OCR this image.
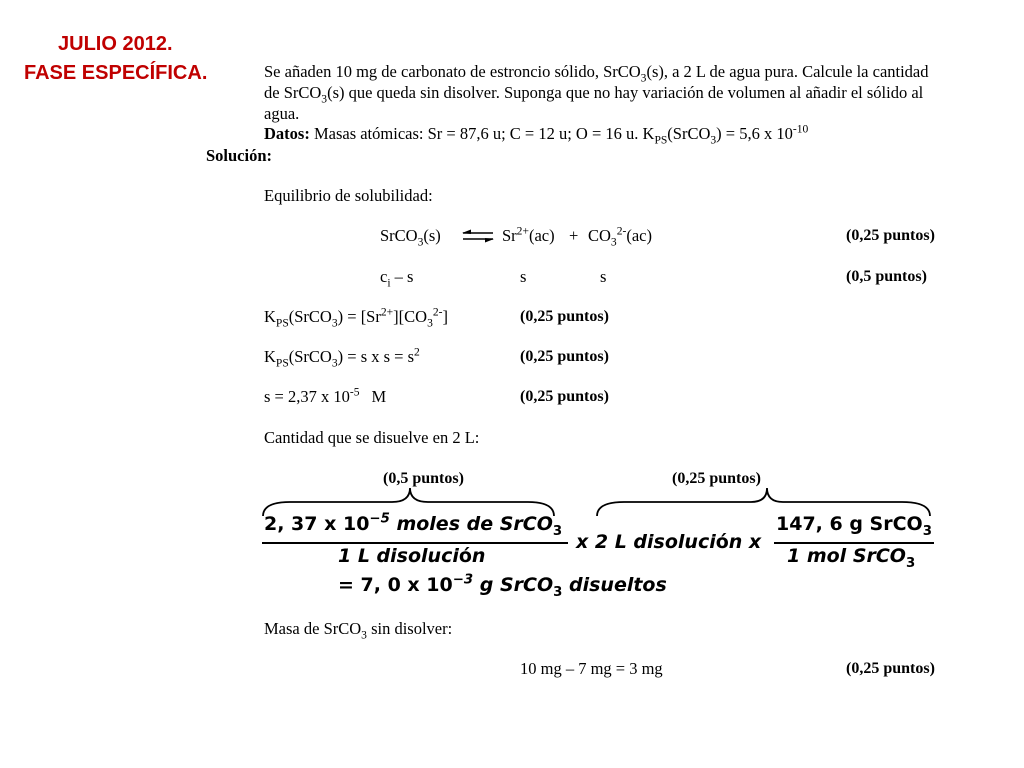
JULIO 2012.
FASE ESPECÍFICA.	Se añaden 10 mg de carbonato de estroncio sólido, SrCO$_3$(s), a 2 L de agua pura. Calcule la cantidad
de SrCO$_3$(s) que queda sin disolver. Suponga que no hay variación de volumen al añadir el sólido al
agua.
Datos: Masas atómicas: Sr = 87,6 u; C = 12 u; O = 16 u. $K_{PS}(SrCO_3) = 5,6$ x $10^{-10}$
Solución:
Equilibrio de solubilidad:
SrCO$_3$(s) ⇌ $Sr^{2+}(ac) + CO_3^{2-}(ac)$	(0,25 puntos)
$c_i$ – s	s	s	(0,5 puntos)
$K_{PS}(SrCO_3) = [Sr^{2+}][CO_3^{2-}]$	(0,25 puntos)
$K_{PS}(SrCO_3) = s$ x $s = s^2$	(0,25 puntos)
s = 2,37 x $10^{-5}$ M	(0,25 puntos)
Cantidad que se disuelve en 2 L:
(0,5 puntos)	(0,25 puntos)
2, 37 x $10^{-5}$ moles de SrCO$_3$
1 L disolución
x 2 L disolución x
147, 6 g SrCO$_3$
1 mol SrCO$_3$
= 7, 0 x $10^{-3}$ g SrCO$_3$ disueltos
Masa de SrCO$_3$ sin disolver:
10 mg – 7 mg = 3 mg	(0,25 puntos)
